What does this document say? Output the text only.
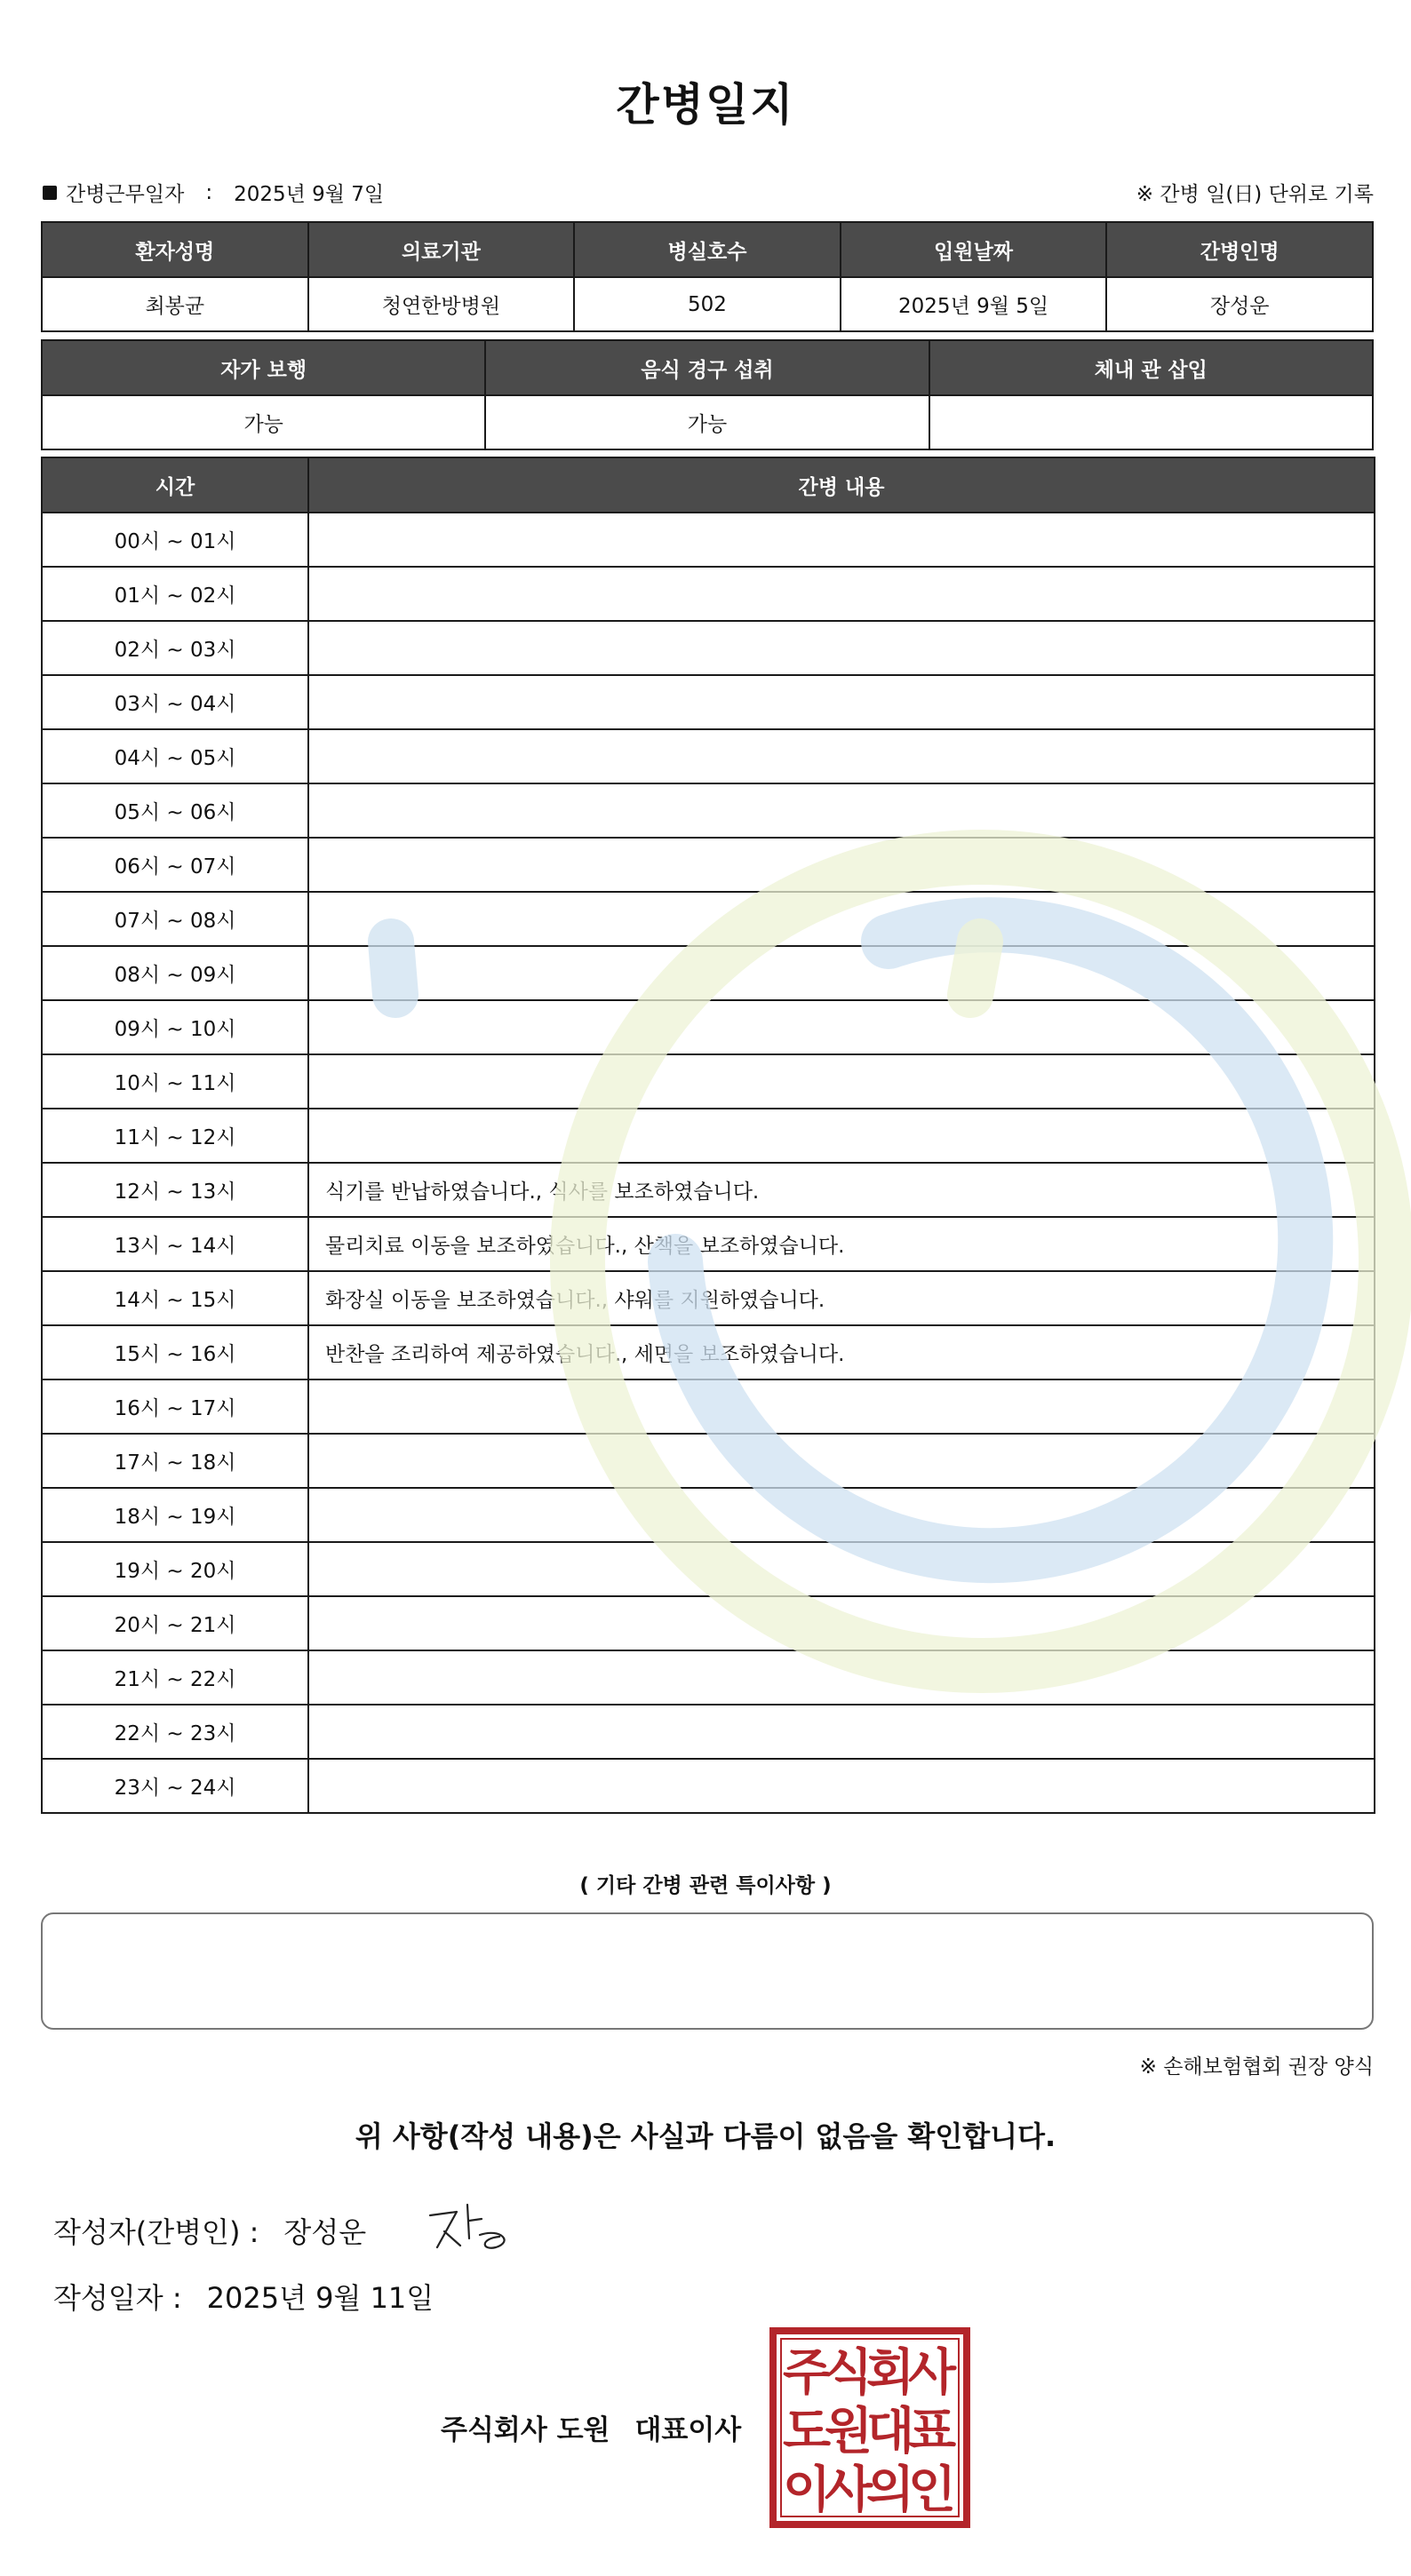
간병일지
간병근무일자 : 2025년 9월 7일	※ 간병 일(日) 단위로 기록
환자성명	의료기관	병실호수	입원날짜	간병인명
최봉균	청연한방병원	502	2025년 9월 5일	장성운
자가 보행	음식 경구 섭취	체내 관 삽입
가능	가능	
시간	간병 내용
00시 ~ 01시	
01시 ~ 02시	
02시 ~ 03시	
03시 ~ 04시	
04시 ~ 05시	
05시 ~ 06시	
06시 ~ 07시	
07시 ~ 08시	
08시 ~ 09시	
09시 ~ 10시	
10시 ~ 11시	
11시 ~ 12시	
12시 ~ 13시	식기를 반납하였습니다., 식사를 보조하였습니다.
13시 ~ 14시	물리치료 이동을 보조하였습니다., 산책을 보조하였습니다.
14시 ~ 15시	화장실 이동을 보조하였습니다., 샤워를 지원하였습니다.
15시 ~ 16시	반찬을 조리하여 제공하였습니다., 세면을 보조하였습니다.
16시 ~ 17시	
17시 ~ 18시	
18시 ~ 19시	
19시 ~ 20시	
20시 ~ 21시	
21시 ~ 22시	
22시 ~ 23시	
23시 ~ 24시	
( 기타 간병 관련 특이사항 )
※ 손해보험협회 권장 양식
위 사항(작성 내용)은 사실과 다름이 없음을 확인합니다.
작성자(간병인) : 장성운
작성일자 : 2025년 9월 11일
주식회사 도원 대표이사
주
식
회
사
도
원
대
표
이
사
의
인
